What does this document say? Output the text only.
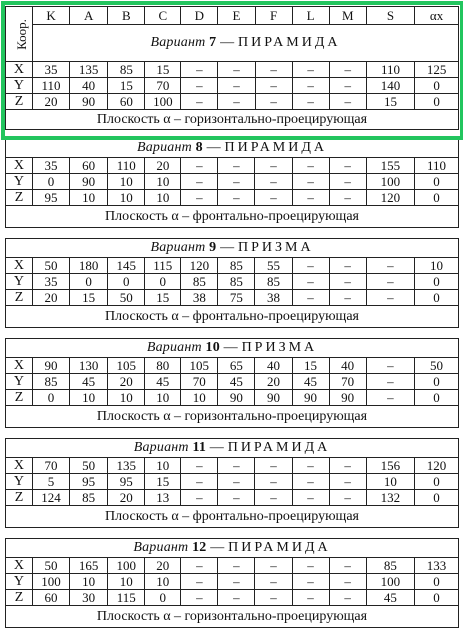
Коор.	K	A	B	C	D	E	F	L	M	S	αx
	Вариант 7 — ПИРАМИДА										
X	35	135	85	15	–	–	–	–	–	110	125
Y	110	40	15	70	–	–	–	–	–	140	0
Z	20	90	60	100	–	–	–	–	–	15	0
Плоскость α – горизонтально-проецирующая											
Вариант 8 — ПИРАМИДА											
X	35	60	110	20	–	–	–	–	–	155	110
Y	0	90	10	10	–	–	–	–	–	100	0
Z	95	10	10	10	–	–	–	–	–	120	0
Плоскость α – фронтально-проецирующая											
Вариант 9 — ПРИЗМА											
X	50	180	145	115	120	85	55	–	–	–	10
Y	35	0	0	0	85	85	85	–	–	–	0
Z	20	15	50	15	38	75	38	–	–	–	0
Плоскость α – фронтально-проецирующая											
Вариант 10 — ПРИЗМА											
X	90	130	105	80	105	65	40	15	40	–	50
Y	85	45	20	45	70	45	20	45	70	–	0
Z	0	10	10	10	10	90	90	90	90	–	0
Плоскость α – горизонтально-проецирующая											
Вариант 11 — ПИРАМИДА											
X	70	50	135	10	–	–	–	–	–	156	120
Y	5	95	95	15	–	–	–	–	–	10	0
Z	124	85	20	13	–	–	–	–	–	132	0
Плоскость α – фронтально-проецирующая											
Вариант 12 — ПИРАМИДА											
X	50	165	100	20	–	–	–	–	–	85	133
Y	100	10	10	10	–	–	–	–	–	100	0
Z	60	30	115	0	–	–	–	–	–	45	0
Плоскость α – горизонтально-проецирующая											
